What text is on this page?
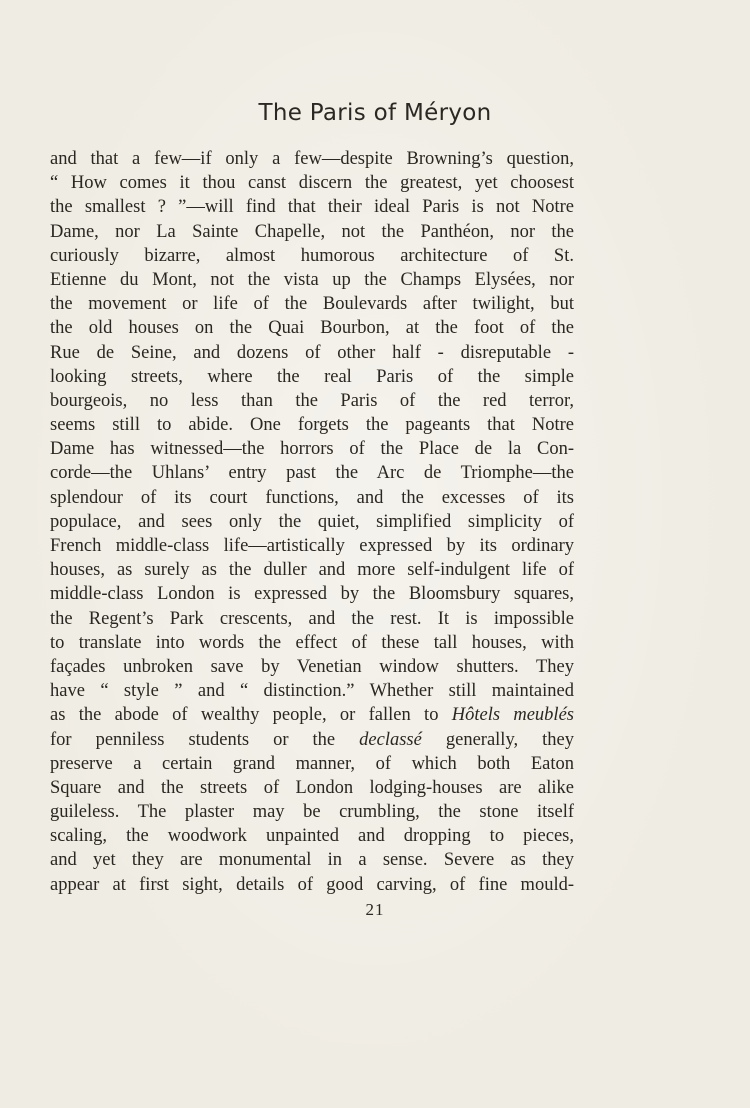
The Paris of Méryon
and that a few—if only a few—despite Browning’s question,
“ How comes it thou canst discern the greatest, yet choosest
the smallest ? ”—will find that their ideal Paris is not Notre
Dame, nor La Sainte Chapelle, not the Panthéon, nor the
curiously bizarre, almost humorous architecture of St.
Etienne du Mont, not the vista up the Champs Elysées, nor
the movement or life of the Boulevards after twilight, but
the old houses on the Quai Bourbon, at the foot of the
Rue de Seine, and dozens of other half - disreputable -
looking streets, where the real Paris of the simple
bourgeois, no less than the Paris of the red terror,
seems still to abide. One forgets the pageants that Notre
Dame has witnessed—the horrors of the Place de la Con-
corde—the Uhlans’ entry past the Arc de Triomphe—the
splendour of its court functions, and the excesses of its
populace, and sees only the quiet, simplified simplicity of
French middle-class life—artistically expressed by its ordinary
houses, as surely as the duller and more self-indulgent life of
middle-class London is expressed by the Bloomsbury squares,
the Regent’s Park crescents, and the rest. It is impossible
to translate into words the effect of these tall houses, with
façades unbroken save by Venetian window shutters. They
have “ style ” and “ distinction.” Whether still maintained
as the abode of wealthy people, or fallen to Hôtels meublés
for penniless students or the declassé generally, they
preserve a certain grand manner, of which both Eaton
Square and the streets of London lodging-houses are alike
guileless. The plaster may be crumbling, the stone itself
scaling, the woodwork unpainted and dropping to pieces,
and yet they are monumental in a sense. Severe as they
appear at first sight, details of good carving, of fine mould-
21
